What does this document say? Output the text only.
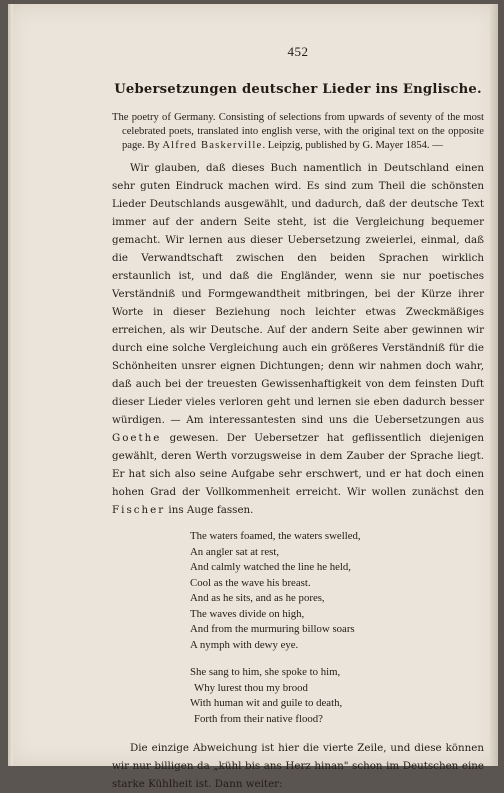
452
Uebersetzungen deutscher Lieder ins Englische.

The poetry of Germany. Consisting of selections from upwards of seventy of the most celebrated poets, translated into english verse, with the original text on the opposite page. By Alfred Baskerville. Leipzig, published by G. Mayer 1854. —

Wir glauben, daß dieses Buch namentlich in Deutschland einen sehr guten Eindruck machen wird. Es sind zum Theil die schönsten Lieder Deutschlands ausgewählt, und dadurch, daß der deutsche Text immer auf der andern Seite steht, ist die Vergleichung bequemer gemacht. Wir lernen aus dieser Uebersetzung zweierlei, einmal, daß die Verwandtschaft zwischen den beiden Sprachen wirklich erstaunlich ist, und daß die Engländer, wenn sie nur poetisches Verständniß und Formgewandtheit mitbringen, bei der Kürze ihrer Worte in dieser Beziehung noch leichter etwas Zweckmäßiges erreichen, als wir Deutsche. Auf der andern Seite aber gewinnen wir durch eine solche Vergleichung auch ein größeres Verständniß für die Schönheiten unsrer eignen Dichtungen; denn wir nahmen doch wahr, daß auch bei der treuesten Gewissenhaftigkeit von dem feinsten Duft dieser Lieder vieles verloren geht und lernen sie eben dadurch besser würdigen. — Am interessantesten sind uns die Uebersetzungen aus Goethe gewesen. Der Uebersetzer hat geflissentlich diejenigen gewählt, deren Werth vorzugsweise in dem Zauber der Sprache liegt. Er hat sich also seine Aufgabe sehr erschwert, und er hat doch einen hohen Grad der Vollkommenheit erreicht. Wir wollen zunächst den Fischer ins Auge fassen.

The waters foamed, the waters swelled,
An angler sat at rest,
And calmly watched the line he held,
Cool as the wave his breast.
And as he sits, and as he pores,
The waves divide on high,
And from the murmuring billow soars
A nymph with dewy eye.
She sang to him, she spoke to him,
Why lurest thou my brood
With human wit and guile to death,
Forth from their native flood?

Die einzige Abweichung ist hier die vierte Zeile, und diese können wir nur billigen da „kühl bis ans Herz hinan" schon im Deutschen eine starke Kühlheit ist. Dann weiter:
